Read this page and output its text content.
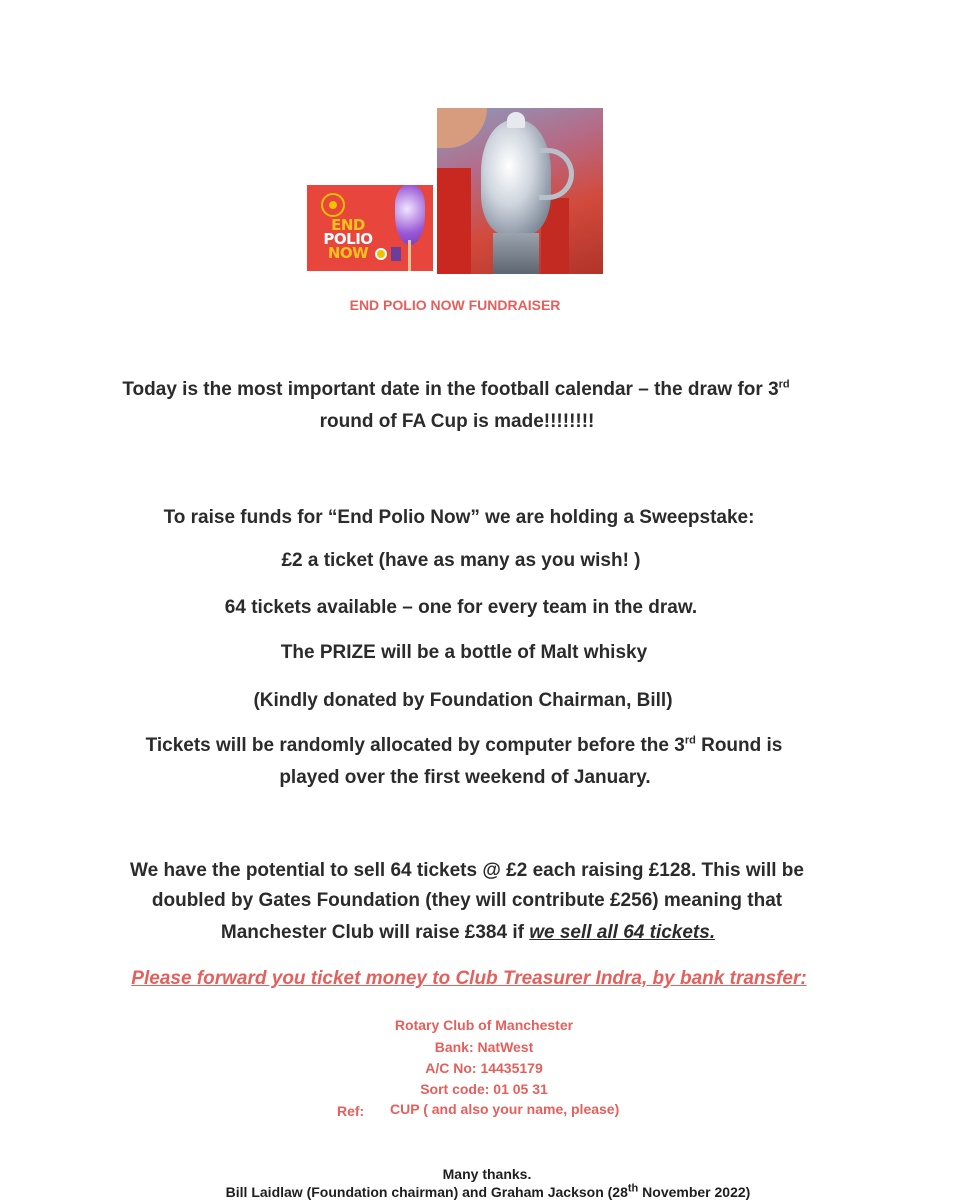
END
POLIO
NOW
END POLIO NOW FUNDRAISER
Today is the most important date in the football calendar – the draw for 3rd
round of FA Cup is made!!!!!!!!
To raise funds for “End Polio Now” we are holding a Sweepstake:
£2 a ticket (have as many as you wish! )
64 tickets available – one for every team in the draw.
The PRIZE will be a bottle of Malt whisky
(Kindly donated by Foundation Chairman, Bill)
Tickets will be randomly allocated by computer before the 3rd Round is
played over the first weekend of January.
We have the potential to sell 64 tickets @ £2 each raising £128. This will be
doubled by Gates Foundation (they will contribute £256) meaning that
Manchester Club will raise £384 if we sell all 64 tickets.
Please forward you ticket money to Club Treasurer Indra, by bank transfer:
Rotary Club of Manchester
Bank: NatWest
A/C No: 14435179
Sort code: 01 05 31
Ref: CUP ( and also your name, please)
Many thanks.
Bill Laidlaw (Foundation chairman) and Graham Jackson (28th November 2022)
